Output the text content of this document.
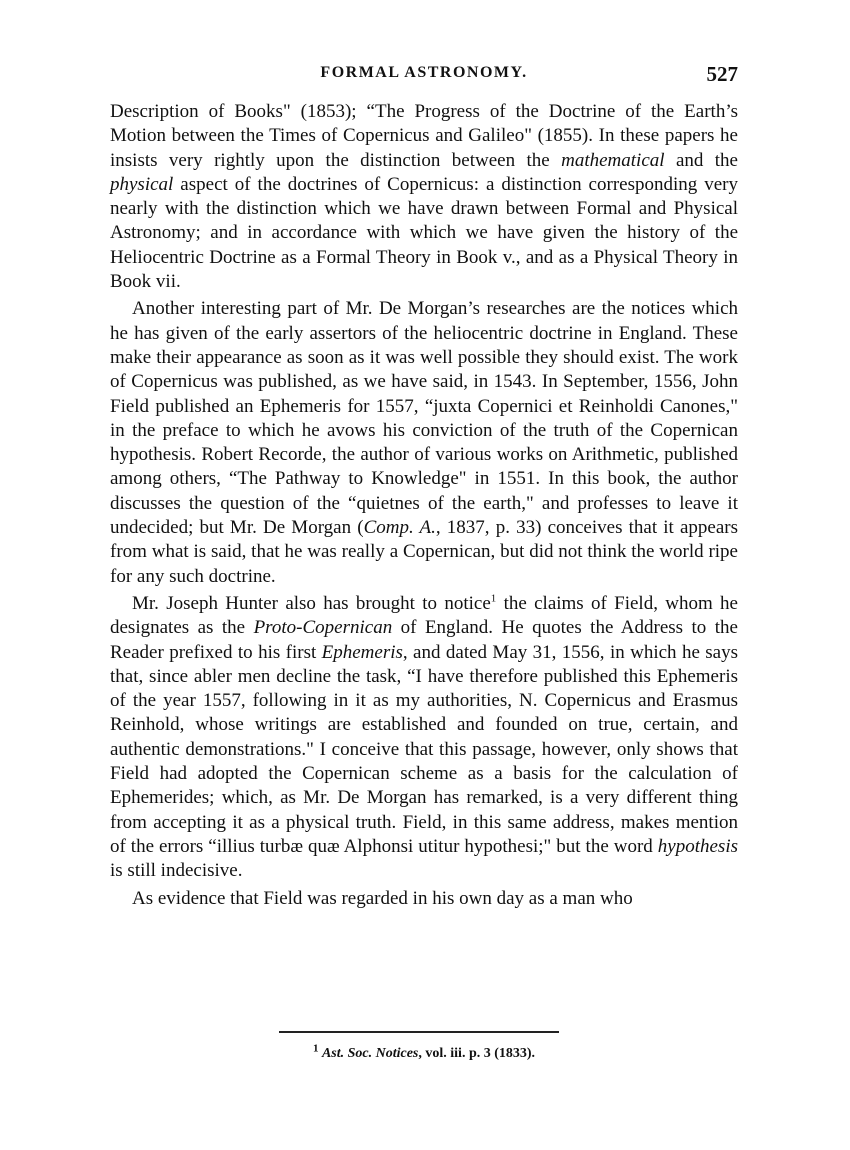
FORMAL ASTRONOMY.	527

Description of Books" (1853); “The Progress of the Doctrine of the Earth’s Motion between the Times of Copernicus and Galileo" (1855). In these papers he insists very rightly upon the distinction between the mathematical and the physical aspect of the doctrines of Copernicus: a distinction corresponding very nearly with the distinction which we have drawn between Formal and Physical Astronomy; and in accordance with which we have given the history of the Heliocentric Doctrine as a Formal Theory in Book v., and as a Physical Theory in Book vii.

Another interesting part of Mr. De Morgan’s researches are the notices which he has given of the early assertors of the heliocentric doctrine in England. These make their appearance as soon as it was well possible they should exist. The work of Copernicus was published, as we have said, in 1543. In September, 1556, John Field published an Ephemeris for 1557, “juxta Copernici et Reinholdi Canones," in the preface to which he avows his conviction of the truth of the Copernican hypothesis. Robert Recorde, the author of various works on Arithmetic, published among others, “The Pathway to Knowledge" in 1551. In this book, the author discusses the question of the “quietnes of the earth," and professes to leave it undecided; but Mr. De Morgan (Comp. A., 1837, p. 33) conceives that it appears from what is said, that he was really a Copernican, but did not think the world ripe for any such doctrine.

Mr. Joseph Hunter also has brought to notice$^1$ the claims of Field, whom he designates as the Proto-Copernican of England. He quotes the Address to the Reader prefixed to his first Ephemeris, and dated May 31, 1556, in which he says that, since abler men decline the task, “I have therefore published this Ephemeris of the year 1557, following in it as my authorities, N. Copernicus and Erasmus Reinhold, whose writings are established and founded on true, certain, and authentic demonstrations." I conceive that this passage, however, only shows that Field had adopted the Copernican scheme as a basis for the calculation of Ephemerides; which, as Mr. De Morgan has remarked, is a very different thing from accepting it as a physical truth. Field, in this same address, makes mention of the errors “illius turbæ quæ Alphonsi utitur hypothesi;" but the word hypothesis is still indecisive.

As evidence that Field was regarded in his own day as a man who

$^1$ Ast. Soc. Notices, vol. iii. p. 3 (1833).
